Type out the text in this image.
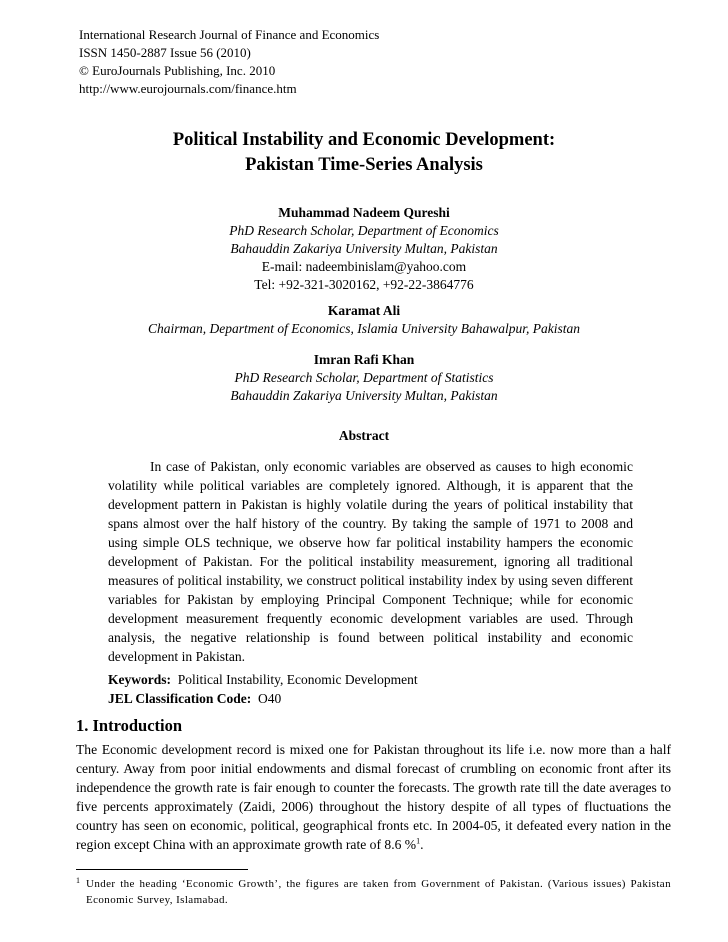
International Research Journal of Finance and Economics
ISSN 1450-2887 Issue 56 (2010)
© EuroJournals Publishing, Inc. 2010
http://www.eurojournals.com/finance.htm
Political Instability and Economic Development:
Pakistan Time-Series Analysis
Muhammad Nadeem Qureshi
PhD Research Scholar, Department of Economics
Bahauddin Zakariya University Multan, Pakistan
E-mail: nadeembinislam@yahoo.com
Tel: +92-321-3020162, +92-22-3864776
Karamat Ali
Chairman, Department of Economics, Islamia University Bahawalpur, Pakistan
Imran Rafi Khan
PhD Research Scholar, Department of Statistics
Bahauddin Zakariya University Multan, Pakistan
Abstract

In case of Pakistan, only economic variables are observed as causes to high economic volatility while political variables are completely ignored. Although, it is apparent that the development pattern in Pakistan is highly volatile during the years of political instability that spans almost over the half history of the country. By taking the sample of 1971 to 2008 and using simple OLS technique, we observe how far political instability hampers the economic development of Pakistan. For the political instability measurement, ignoring all traditional measures of political instability, we construct political instability index by using seven different variables for Pakistan by employing Principal Component Technique; while for economic development measurement frequently economic development variables are used. Through analysis, the negative relationship is found between political instability and economic development in Pakistan.

Keywords: Political Instability, Economic Development
JEL Classification Code: O40
1. Introduction

The Economic development record is mixed one for Pakistan throughout its life i.e. now more than a half century. Away from poor initial endowments and dismal forecast of crumbling on economic front after its independence the growth rate is fair enough to counter the forecasts. The growth rate till the date averages to five percents approximately (Zaidi, 2006) throughout the history despite of all types of fluctuations the country has seen on economic, political, geographical fronts etc. In 2004-05, it defeated every nation in the region except China with an approximate growth rate of 8.6 %$^1$.

1 Under the heading ‘Economic Growth’, the figures are taken from Government of Pakistan. (Various issues) Pakistan Economic Survey, Islamabad.
